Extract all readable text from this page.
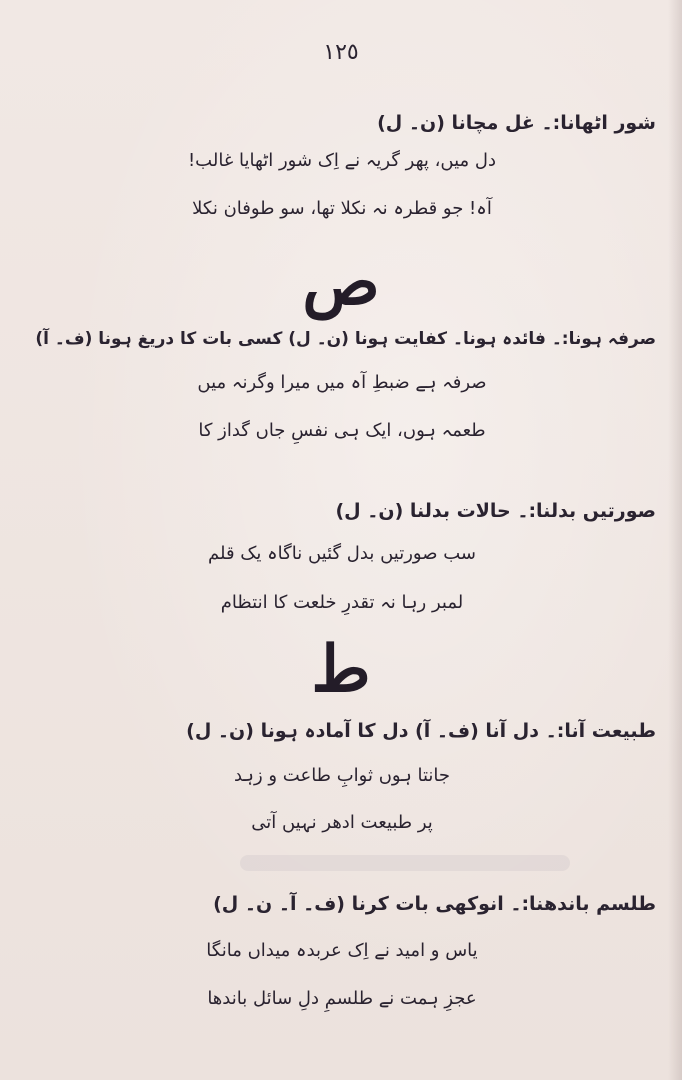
١٢٥
شور اٹھانا:۔ غل مچانا (ن۔ ل)
دل میں، پھر گریہ نے اِک شور اٹھایا غالب!
آہ! جو قطرہ نہ نکلا تھا، سو طوفان نکلا
ص
صرفہ ہونا:۔ فائدہ ہونا۔ کفایت ہونا (ن۔ ل) کسی بات کا دریغ ہونا (ف۔ آ)
صرفہ ہے ضبطِ آہ میں میرا وگرنہ میں
طعمہ ہوں، ایک ہی نفسِ جاں گداز کا
صورتیں بدلنا:۔ حالات بدلنا (ن۔ ل)
سب صورتیں بدل گئیں ناگاہ یک قلم
لمبر رہا نہ تقدرِ خلعت کا انتظام
ط
طبیعت آنا:۔ دل آنا (ف۔ آ) دل کا آمادہ ہونا (ن۔ ل)
جانتا ہوں ثوابِ طاعت و زہد
پر طبیعت ادھر نہیں آتی
طلسم باندھنا:۔ انوکھی بات کرنا (ف۔ آ۔ ن۔ ل)
یاس و امید نے اِک عربدہ میداں مانگا
عجزِ ہمت نے طلسمِ دلِ سائل باندھا
